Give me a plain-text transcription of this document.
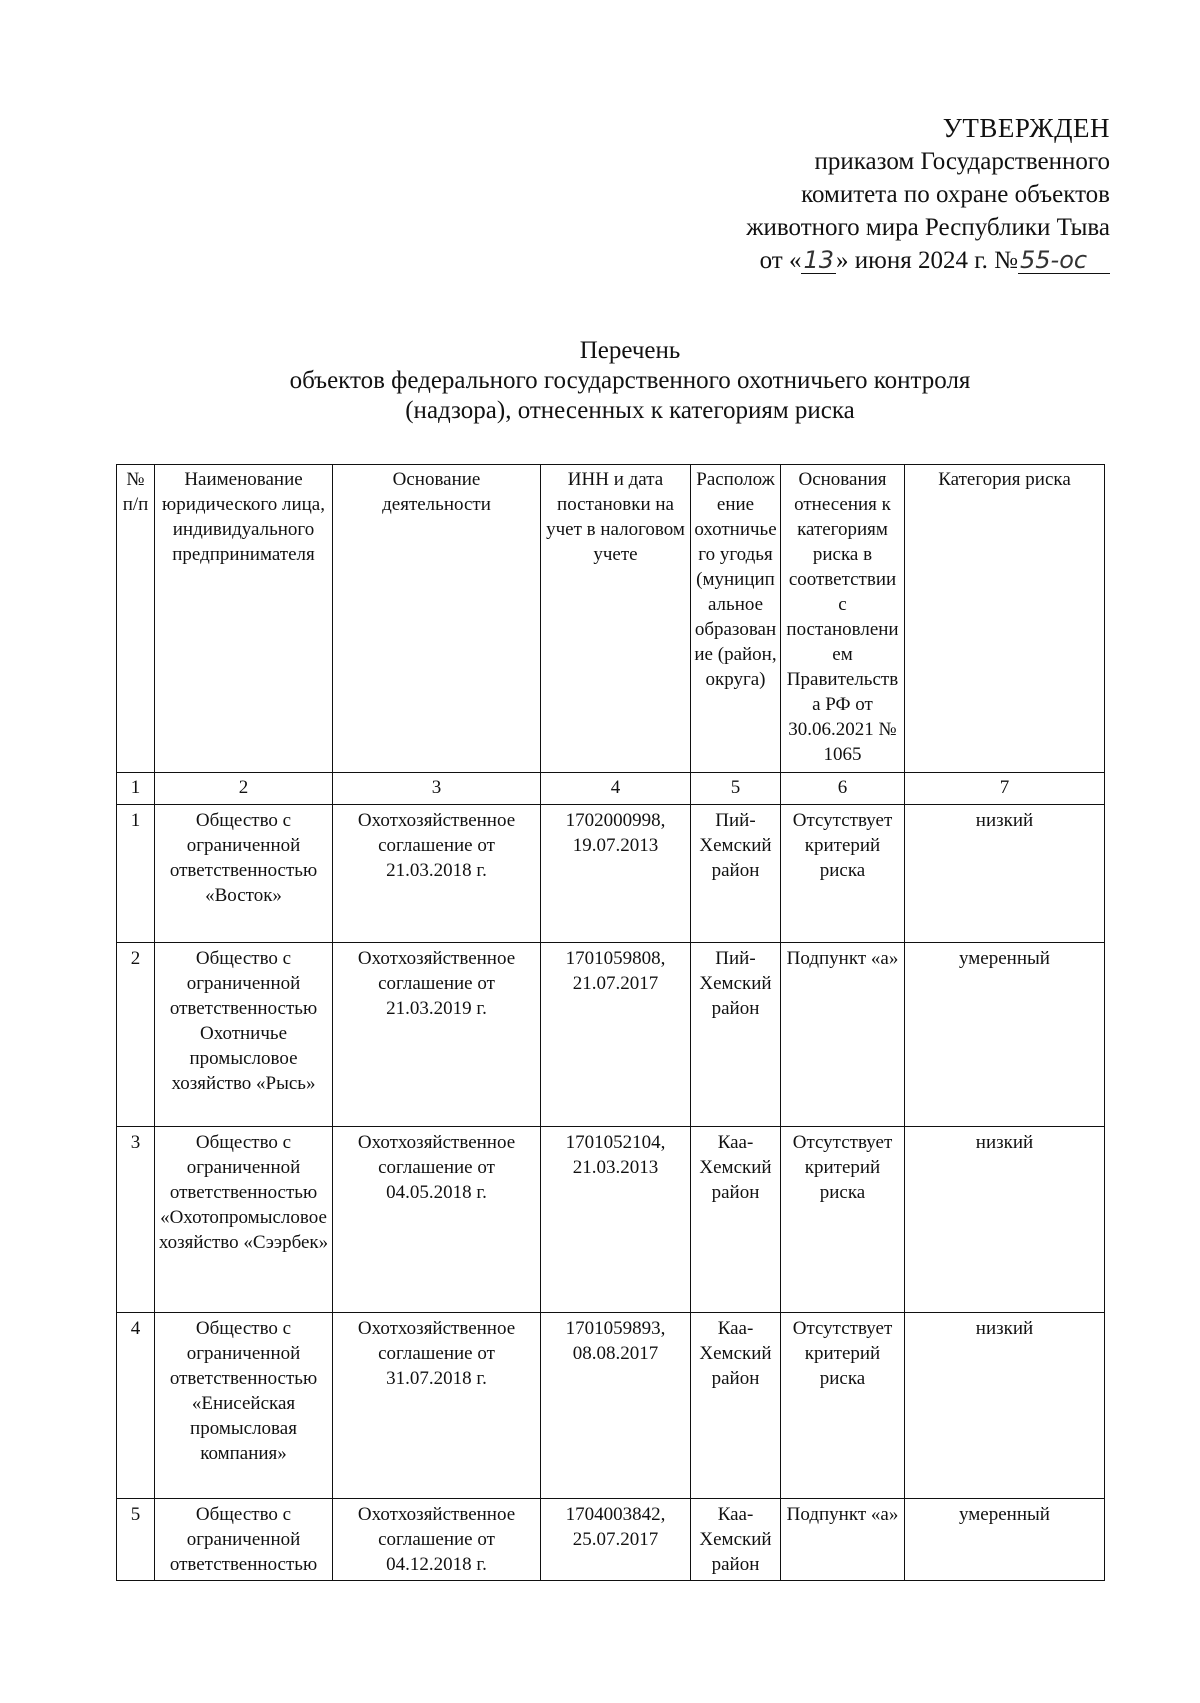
УТВЕРЖДЕН
приказом Государственного
комитета по охране объектов
животного мира Республики Тыва
от «13» июня 2024 г. №55-ос
Перечень
объектов федерального государственного охотничьего контроля
(надзора), отнесенных к категориям риска
№ п/п	Наименование юридического лица, индивидуального предпринимателя	Основание деятельности	ИНН и дата постановки на учет в налоговом учете	Расположение охотничьего угодья (муниципальное образование (район, округа)	Основания отнесения к категориям риска в соответствии с постановлением Правительства РФ от 30.06.2021 № 1065	Категория риска
1	2	3	4	5	6	7
1	Общество с ограниченной ответственностью «Восток»	Охотхозяйственное соглашение от 21.03.2018 г.	1702000998, 19.07.2013	Пий-Хемский район	Отсутствует критерий риска	низкий
2	Общество с ограниченной ответственностью Охотничье промысловое хозяйство «Рысь»	Охотхозяйственное соглашение от 21.03.2019 г.	1701059808, 21.07.2017	Пий-Хемский район	Подпункт «а»	умеренный
3	Общество с ограниченной ответственностью «Охотопромысловое хозяйство «Сээрбек»	Охотхозяйственное соглашение от 04.05.2018 г.	1701052104, 21.03.2013	Каа-Хемский район	Отсутствует критерий риска	низкий
4	Общество с ограниченной ответственностью «Енисейская промысловая компания»	Охотхозяйственное соглашение от 31.07.2018 г.	1701059893, 08.08.2017	Каа-Хемский район	Отсутствует критерий риска	низкий
5	Общество с ограниченной ответственностью	Охотхозяйственное соглашение от 04.12.2018 г.	1704003842, 25.07.2017	Каа-Хемский район	Подпункт «а»	умеренный
